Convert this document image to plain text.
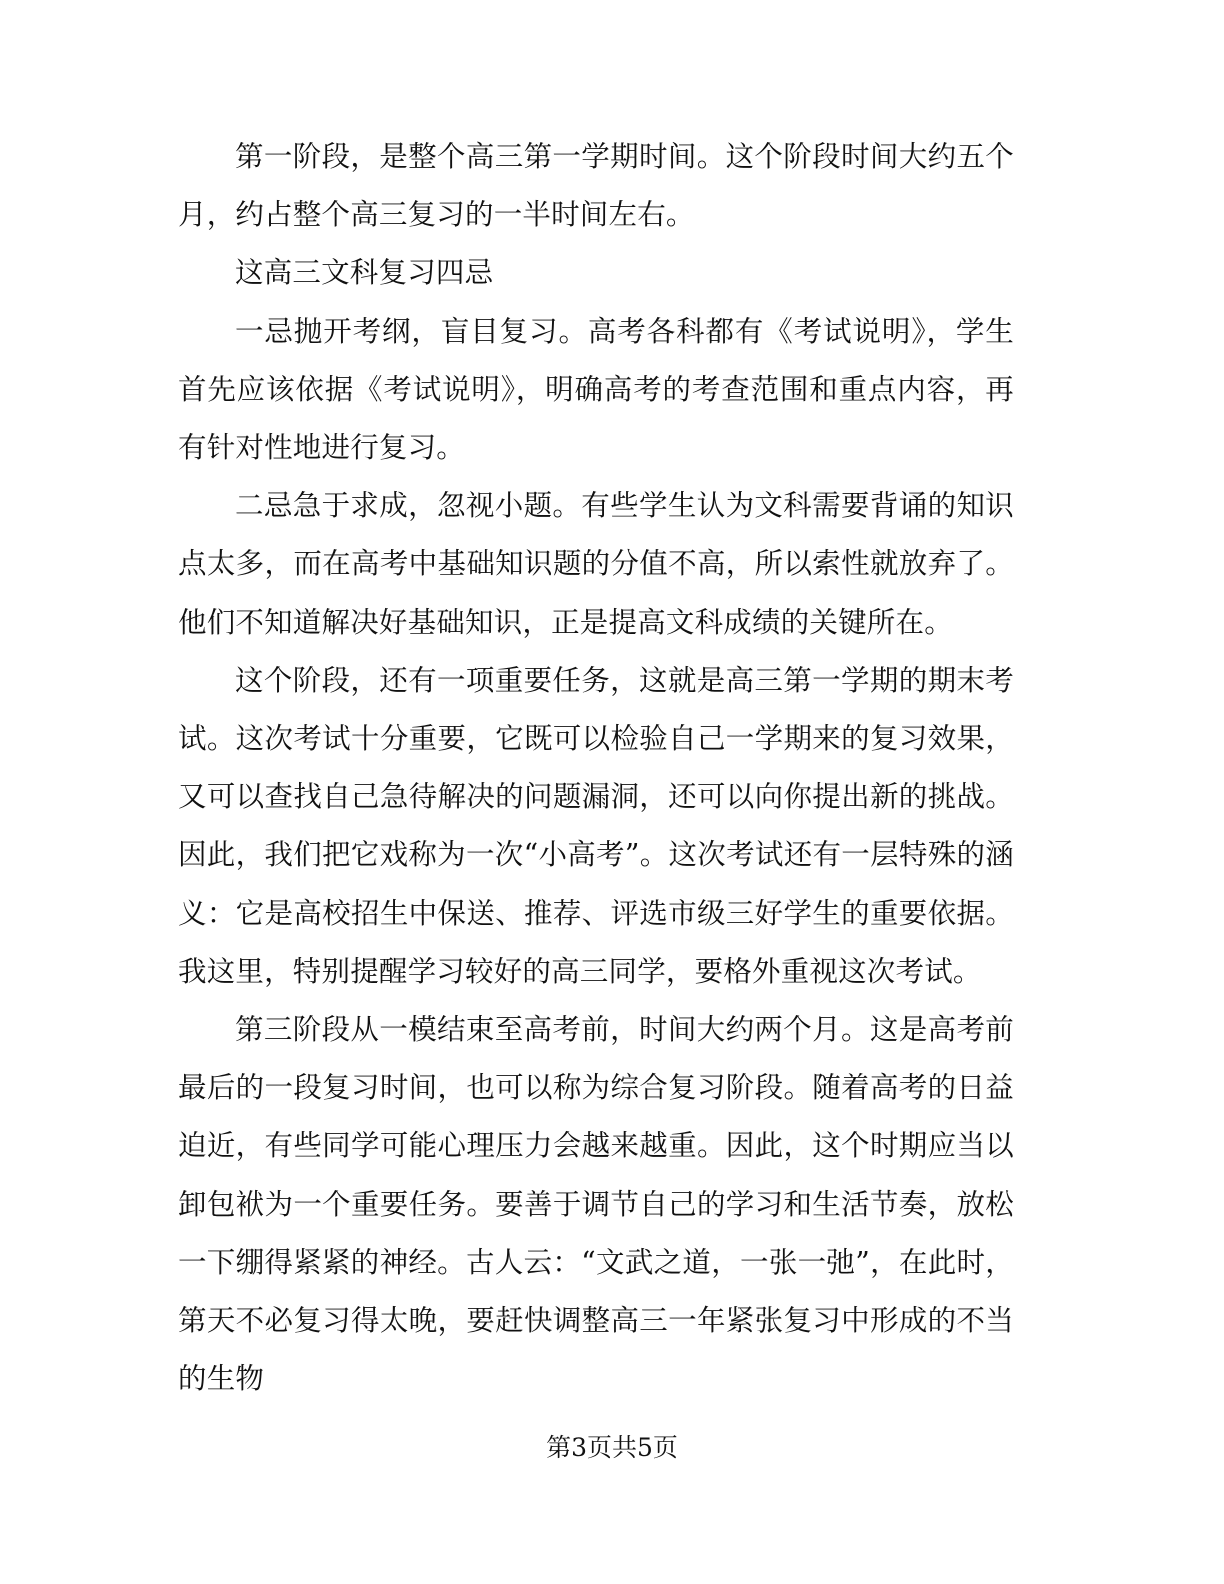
第一阶段，是整个高三第一学期时间。这个阶段时间大约五个月，约占整个高三复习的一半时间左右。

这高三文科复习四忌

一忌抛开考纲，盲目复习。高考各科都有《考试说明》，学生首先应该依据《考试说明》，明确高考的考查范围和重点内容，再有针对性地进行复习。

二忌急于求成，忽视小题。有些学生认为文科需要背诵的知识点太多，而在高考中基础知识题的分值不高，所以索性就放弃了。他们不知道解决好基础知识，正是提高文科成绩的关键所在。

这个阶段，还有一项重要任务，这就是高三第一学期的期末考试。这次考试十分重要，它既可以检验自己一学期来的复习效果，又可以查找自己急待解决的问题漏洞，还可以向你提出新的挑战。因此，我们把它戏称为一次“小高考”。这次考试还有一层特殊的涵义：它是高校招生中保送、推荐、评选市级三好学生的重要依据。我这里，特别提醒学习较好的高三同学，要格外重视这次考试。

第三阶段从一模结束至高考前，时间大约两个月。这是高考前最后的一段复习时间，也可以称为综合复习阶段。随着高考的日益迫近，有些同学可能心理压力会越来越重。因此，这个时期应当以卸包袱为一个重要任务。要善于调节自己的学习和生活节奏，放松一下绷得紧紧的神经。古人云：“文武之道，一张一弛”，在此时，第天不必复习得太晚，要赶快调整高三一年紧张复习中形成的不当的生物

第3页共5页
